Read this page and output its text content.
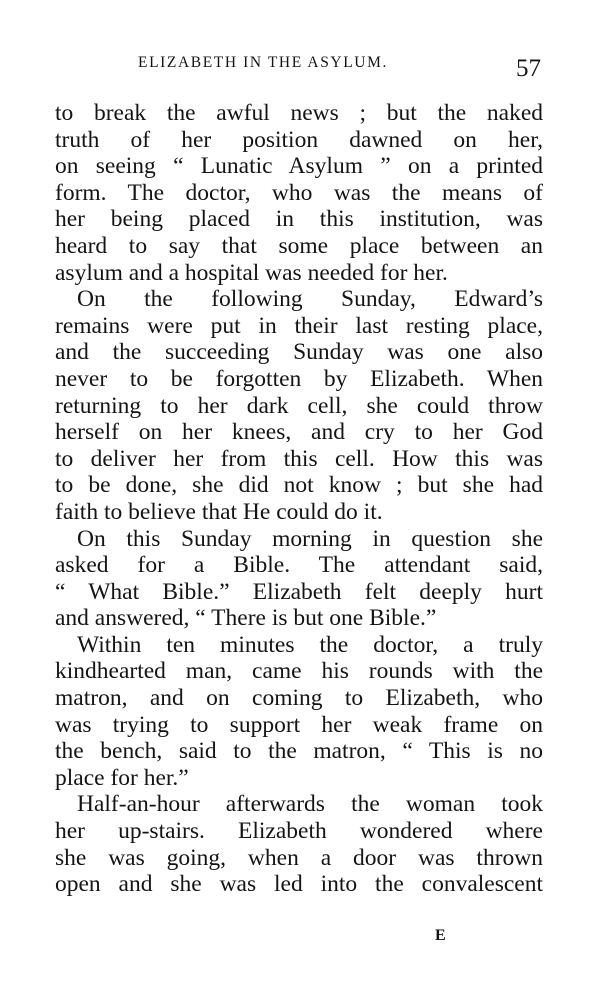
ELIZABETH IN THE ASYLUM.	57
to break the awful news ; but the naked
truth of her position dawned on her,
on seeing “ Lunatic Asylum ” on a printed
form. The doctor, who was the means of
her being placed in this institution, was
heard to say that some place between an
asylum and a hospital was needed for her.
On the following Sunday, Edward’s
remains were put in their last resting place,
and the succeeding Sunday was one also
never to be forgotten by Elizabeth. When
returning to her dark cell, she could throw
herself on her knees, and cry to her God
to deliver her from this cell. How this was
to be done, she did not know ; but she had
faith to believe that He could do it.
On this Sunday morning in question she
asked for a Bible. The attendant said,
“ What Bible.” Elizabeth felt deeply hurt
and answered, “ There is but one Bible.”
Within ten minutes the doctor, a truly
kindhearted man, came his rounds with the
matron, and on coming to Elizabeth, who
was trying to support her weak frame on
the bench, said to the matron, “ This is no
place for her.”
Half-an-hour afterwards the woman took
her up-stairs. Elizabeth wondered where
she was going, when a door was thrown
open and she was led into the convalescent
E
